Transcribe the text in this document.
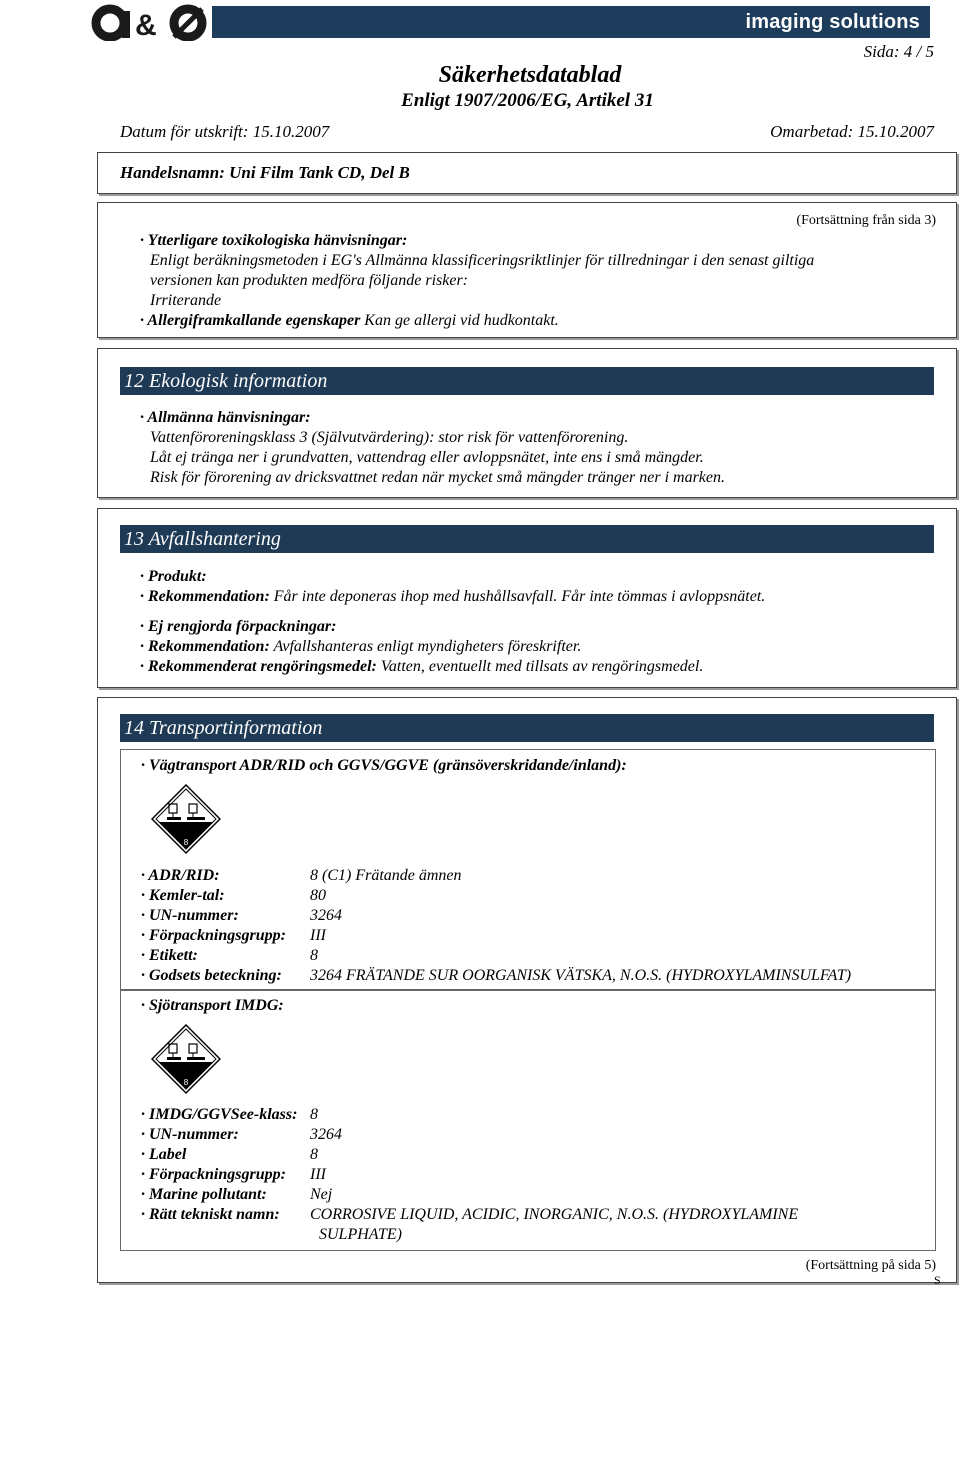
&	imaging solutions
Sida: 4 / 5
Säkerhetsdatablad
Enligt 1907/2006/EG, Artikel 31
Datum för utskrift: 15.10.2007	Omarbetad: 15.10.2007
Handelsnamn: Uni Film Tank CD, Del B
(Fortsättning från sida 3)
· Ytterligare toxikologiska hänvisningar:
Enligt beräkningsmetoden i EG's Allmänna klassificeringsriktlinjer för tillredningar i den senast giltiga
versionen kan produkten medföra följande risker:
Irriterande
· Allergiframkallande egenskaper Kan ge allergi vid hudkontakt.
12 Ekologisk information
· Allmänna hänvisningar:
Vattenföroreningsklass 3 (Självutvärdering): stor risk för vattenförorening.
Låt ej tränga ner i grundvatten, vattendrag eller avloppsnätet, inte ens i små mängder.
Risk för förorening av dricksvattnet redan när mycket små mängder tränger ner i marken.
13 Avfallshantering
· Produkt:
· Rekommendation: Får inte deponeras ihop med hushållsavfall. Får inte tömmas i avloppsnätet.
· Ej rengjorda förpackningar:
· Rekommendation: Avfallshanteras enligt myndigheters föreskrifter.
· Rekommenderat rengöringsmedel: Vatten, eventuellt med tillsats av rengöringsmedel.
14 Transportinformation
· Vägtransport ADR/RID och GGVS/GGVE (gränsöverskridande/inland):
8
· ADR/RID:	8 (C1) Frätande ämnen
· Kemler-tal:	80
· UN-nummer:	3264
· Förpackningsgrupp: III
· Etikett:	8
· Godsets beteckning: 3264 FRÄTANDE SUR OORGANISK VÄTSKA, N.O.S. (HYDROXYLAMINSULFAT)
· Sjötransport IMDG:
8
· IMDG/GGVSee-klass: 8
· UN-nummer:	3264
· Label	8
· Förpackningsgrupp: III
· Marine pollutant:	Nej
· Rätt tekniskt namn: CORROSIVE LIQUID, ACIDIC, INORGANIC, N.O.S. (HYDROXYLAMINE
SULPHATE)
(Fortsättning på sida 5)
S
